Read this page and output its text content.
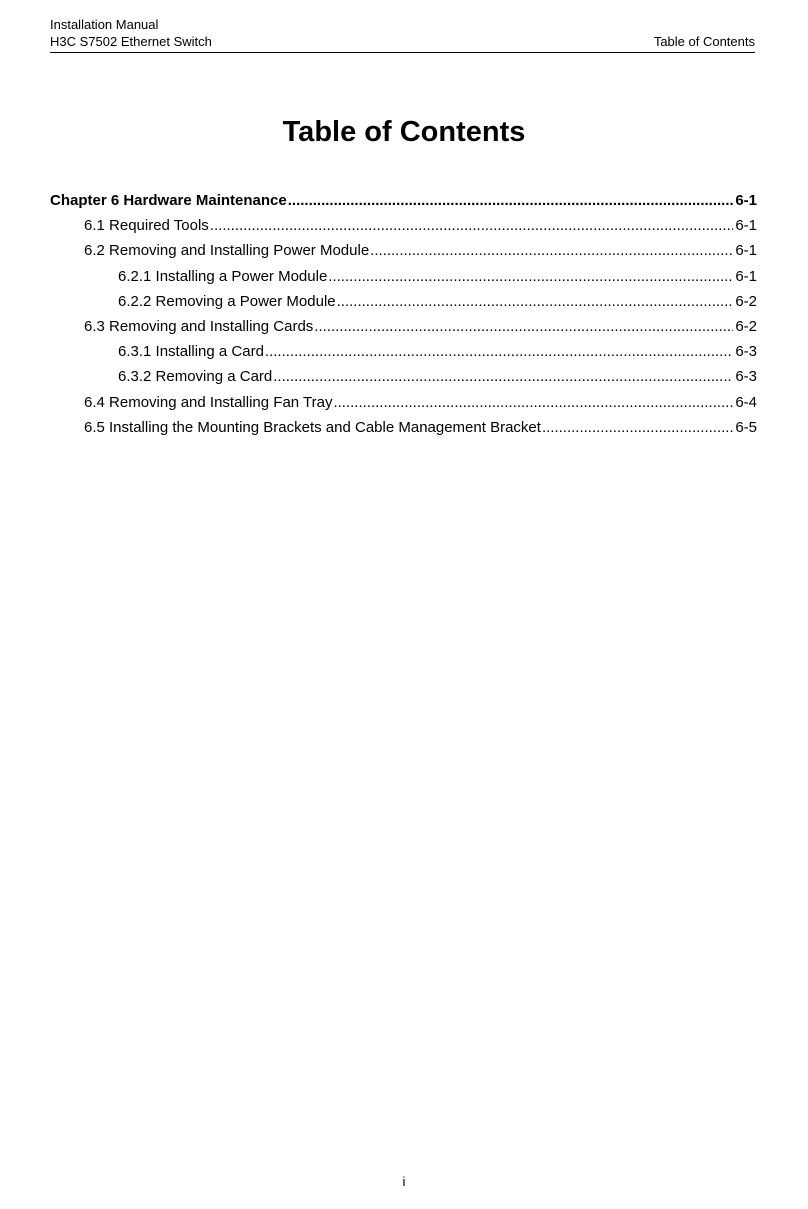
Installation Manual
H3C S7502 Ethernet Switch	Table of Contents
Table of Contents
Chapter 6 Hardware Maintenance .....	6-1
6.1 Required Tools .....	6-1
6.2 Removing and Installing Power Module .....	6-1
6.2.1 Installing a Power Module .....	6-1
6.2.2 Removing a Power Module .....	6-2
6.3 Removing and Installing Cards .....	6-2
6.3.1 Installing a Card .....	6-3
6.3.2 Removing a Card .....	6-3
6.4 Removing and Installing Fan Tray .....	6-4
6.5 Installing the Mounting Brackets and Cable Management Bracket .....	6-5
i
